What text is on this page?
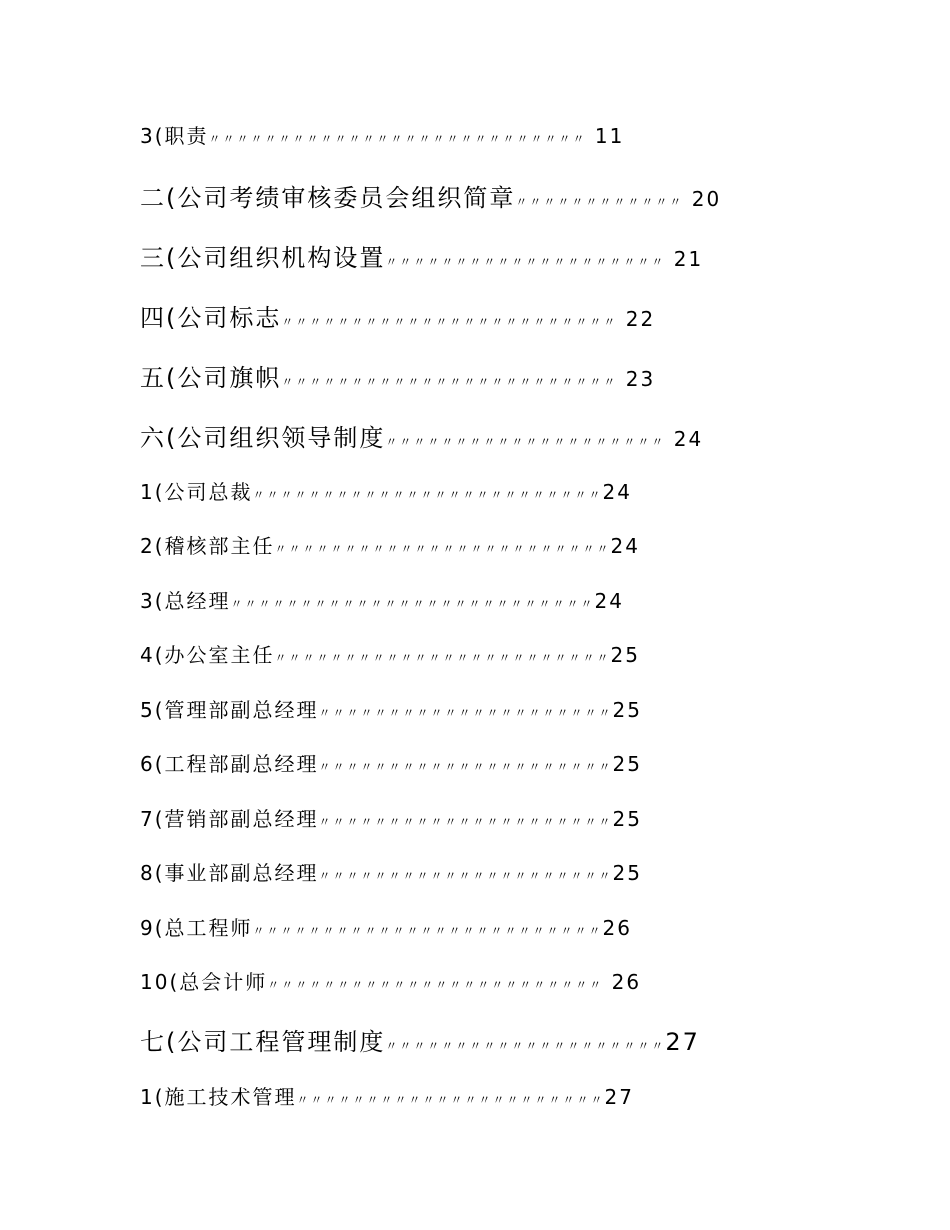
3(职责〃〃〃〃〃〃〃〃〃〃〃〃〃〃〃〃〃〃〃〃〃〃〃〃〃〃〃 11
二(公司考绩审核委员会组织简章〃〃〃〃〃〃〃〃〃〃〃〃 20
三(公司组织机构设置〃〃〃〃〃〃〃〃〃〃〃〃〃〃〃〃〃〃〃〃 21
四(公司标志〃〃〃〃〃〃〃〃〃〃〃〃〃〃〃〃〃〃〃〃〃〃〃〃 22
五(公司旗帜〃〃〃〃〃〃〃〃〃〃〃〃〃〃〃〃〃〃〃〃〃〃〃〃 23
六(公司组织领导制度〃〃〃〃〃〃〃〃〃〃〃〃〃〃〃〃〃〃〃〃 24
1(公司总裁〃〃〃〃〃〃〃〃〃〃〃〃〃〃〃〃〃〃〃〃〃〃〃〃〃24
2(稽核部主任〃〃〃〃〃〃〃〃〃〃〃〃〃〃〃〃〃〃〃〃〃〃〃〃24
3(总经理〃〃〃〃〃〃〃〃〃〃〃〃〃〃〃〃〃〃〃〃〃〃〃〃〃〃24
4(办公室主任〃〃〃〃〃〃〃〃〃〃〃〃〃〃〃〃〃〃〃〃〃〃〃〃25
5(管理部副总经理〃〃〃〃〃〃〃〃〃〃〃〃〃〃〃〃〃〃〃〃〃25
6(工程部副总经理〃〃〃〃〃〃〃〃〃〃〃〃〃〃〃〃〃〃〃〃〃25
7(营销部副总经理〃〃〃〃〃〃〃〃〃〃〃〃〃〃〃〃〃〃〃〃〃25
8(事业部副总经理〃〃〃〃〃〃〃〃〃〃〃〃〃〃〃〃〃〃〃〃〃25
9(总工程师〃〃〃〃〃〃〃〃〃〃〃〃〃〃〃〃〃〃〃〃〃〃〃〃〃26
10(总会计师〃〃〃〃〃〃〃〃〃〃〃〃〃〃〃〃〃〃〃〃〃〃〃〃 26
七(公司工程管理制度〃〃〃〃〃〃〃〃〃〃〃〃〃〃〃〃〃〃〃〃27
1(施工技术管理〃〃〃〃〃〃〃〃〃〃〃〃〃〃〃〃〃〃〃〃〃〃27
